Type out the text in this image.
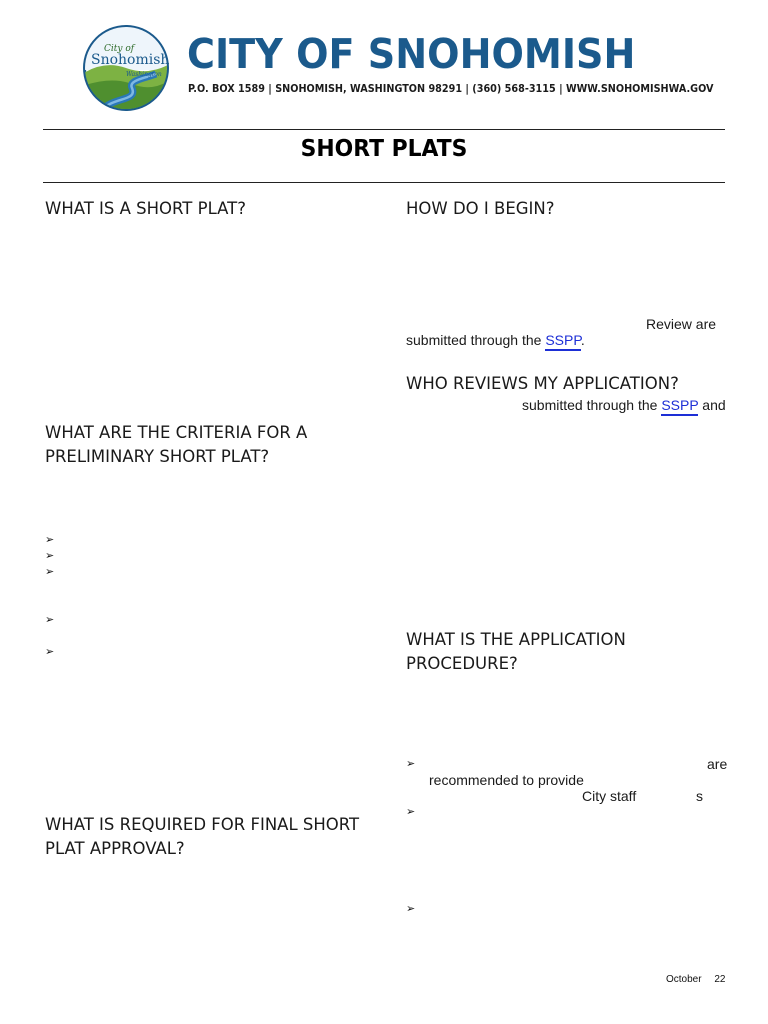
City of
Snohomish
Washington CITY OF SNOHOMISH
P.O. BOX 1589 | SNOHOMISH, WASHINGTON 98291 | (360) 568-3115 | WWW.SNOHOMISHWA.GOV
SHORT PLATS
WHAT IS A SHORT PLAT?
WHAT ARE THE CRITERIA FOR A
PRELIMINARY SHORT PLAT?
➢
➢
➢
➢
➢
WHAT IS REQUIRED FOR FINAL SHORT
PLAT APPROVAL?
HOW DO I BEGIN?
Review are
submitted through the SSPP.
WHO REVIEWS MY APPLICATION?
submitted through the SSPP and
WHAT IS THE APPLICATION
PROCEDURE?
➢	are
recommended to provide
City staff	s
➢
➢
October 22
